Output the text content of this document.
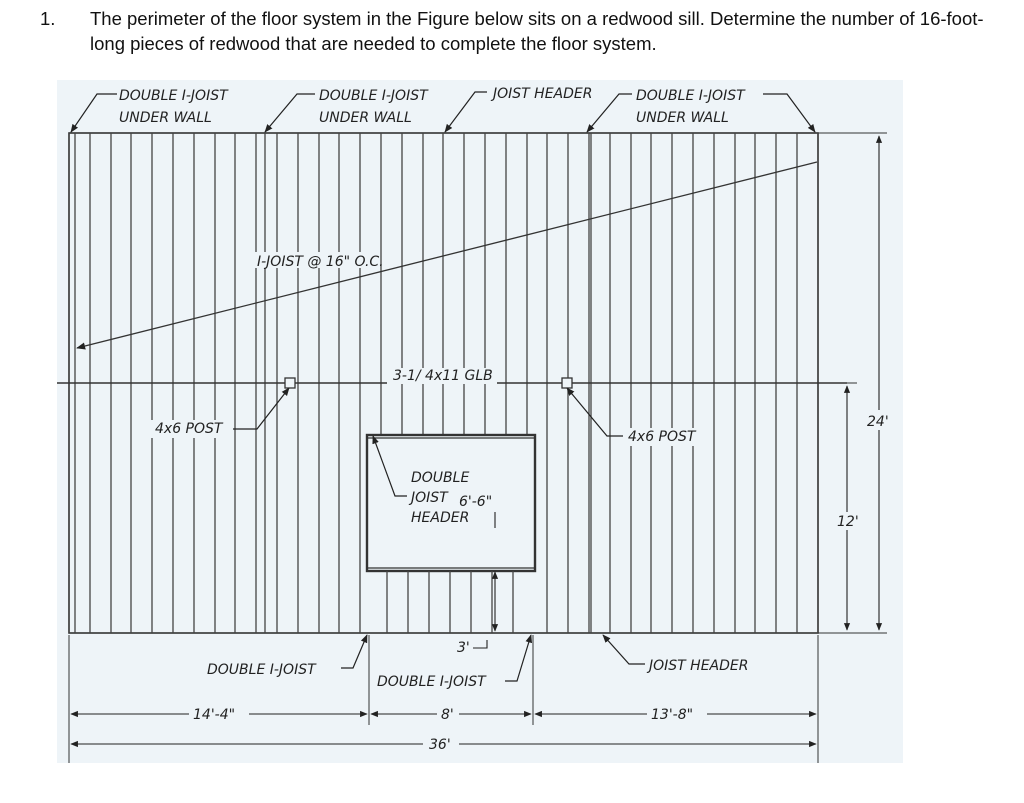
1. The perimeter of the floor system in the Figure below sits on a redwood sill. Determine the number of 16-foot-long pieces of redwood that are needed to complete the floor system.
I-JOIST @ 16" O.C.
3-1/ 4x11 GLB
DOUBLE I-JOIST
UNDER WALL
DOUBLE I-JOIST
UNDER WALL
JOIST HEADER	DOUBLE I-JOIST
UNDER WALL
4x6 POST	4x6 POST
DOUBLE
JOIST
HEADER
6'-6"
3'
DOUBLE I-JOIST
DOUBLE I-JOIST
JOIST HEADER
24'
12'
14'-4"	8'	13'-8"
36'
